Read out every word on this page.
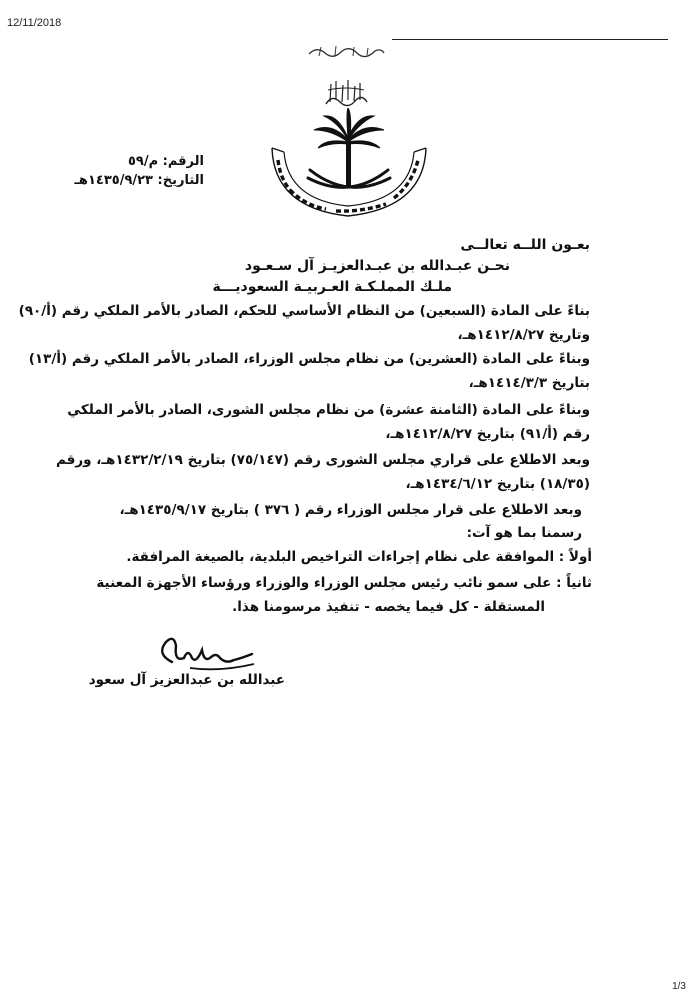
12/11/2018
الرقم: م/٥٩
التاريخ: ١٤٣٥/٩/٢٣هـ
بعـون اللــه تعالــى
نحـن عبـدالله بن عبـدالعزيـز آل سـعـود
ملـك المملـكـة العـربيـة السعوديـــة
بناءً على المادة (السبعين) من النظام الأساسي للحكم، الصادر بالأمر الملكي رقم (أ/٩٠)
وتاريخ ١٤١٢/٨/٢٧هـ،
وبناءً على المادة (العشرين) من نظام مجلس الوزراء، الصادر بالأمر الملكي رقم (أ/١٣)
بتاريخ ١٤١٤/٣/٣هـ،
وبناءً على المادة (الثامنة عشرة) من نظام مجلس الشورى، الصادر بالأمر الملكي
رقم (أ/٩١) بتاريخ ١٤١٢/٨/٢٧هـ،
وبعد الاطلاع على قراري مجلس الشورى رقم (٧٥/١٤٧) بتاريخ ١٤٣٢/٢/١٩هـ، ورقم
(١٨/٣٥) بتاريخ ١٤٣٤/٦/١٢هـ،
وبعد الاطلاع على قرار مجلس الوزراء رقم ( ٣٧٦ ) بتاريخ ١٤٣٥/٩/١٧هـ،
رسمنا بما هو آت:
أولاً : الموافقة على نظام إجراءات التراخيص البلدية، بالصيغة المرافقة.
ثانياً : على سمو نائب رئيس مجلس الوزراء والوزراء ورؤساء الأجهزة المعنية
المستقلة - كل فيما يخصه - تنفيذ مرسومنا هذا.
عبدالله بن عبدالعزيز آل سعود
1/3
